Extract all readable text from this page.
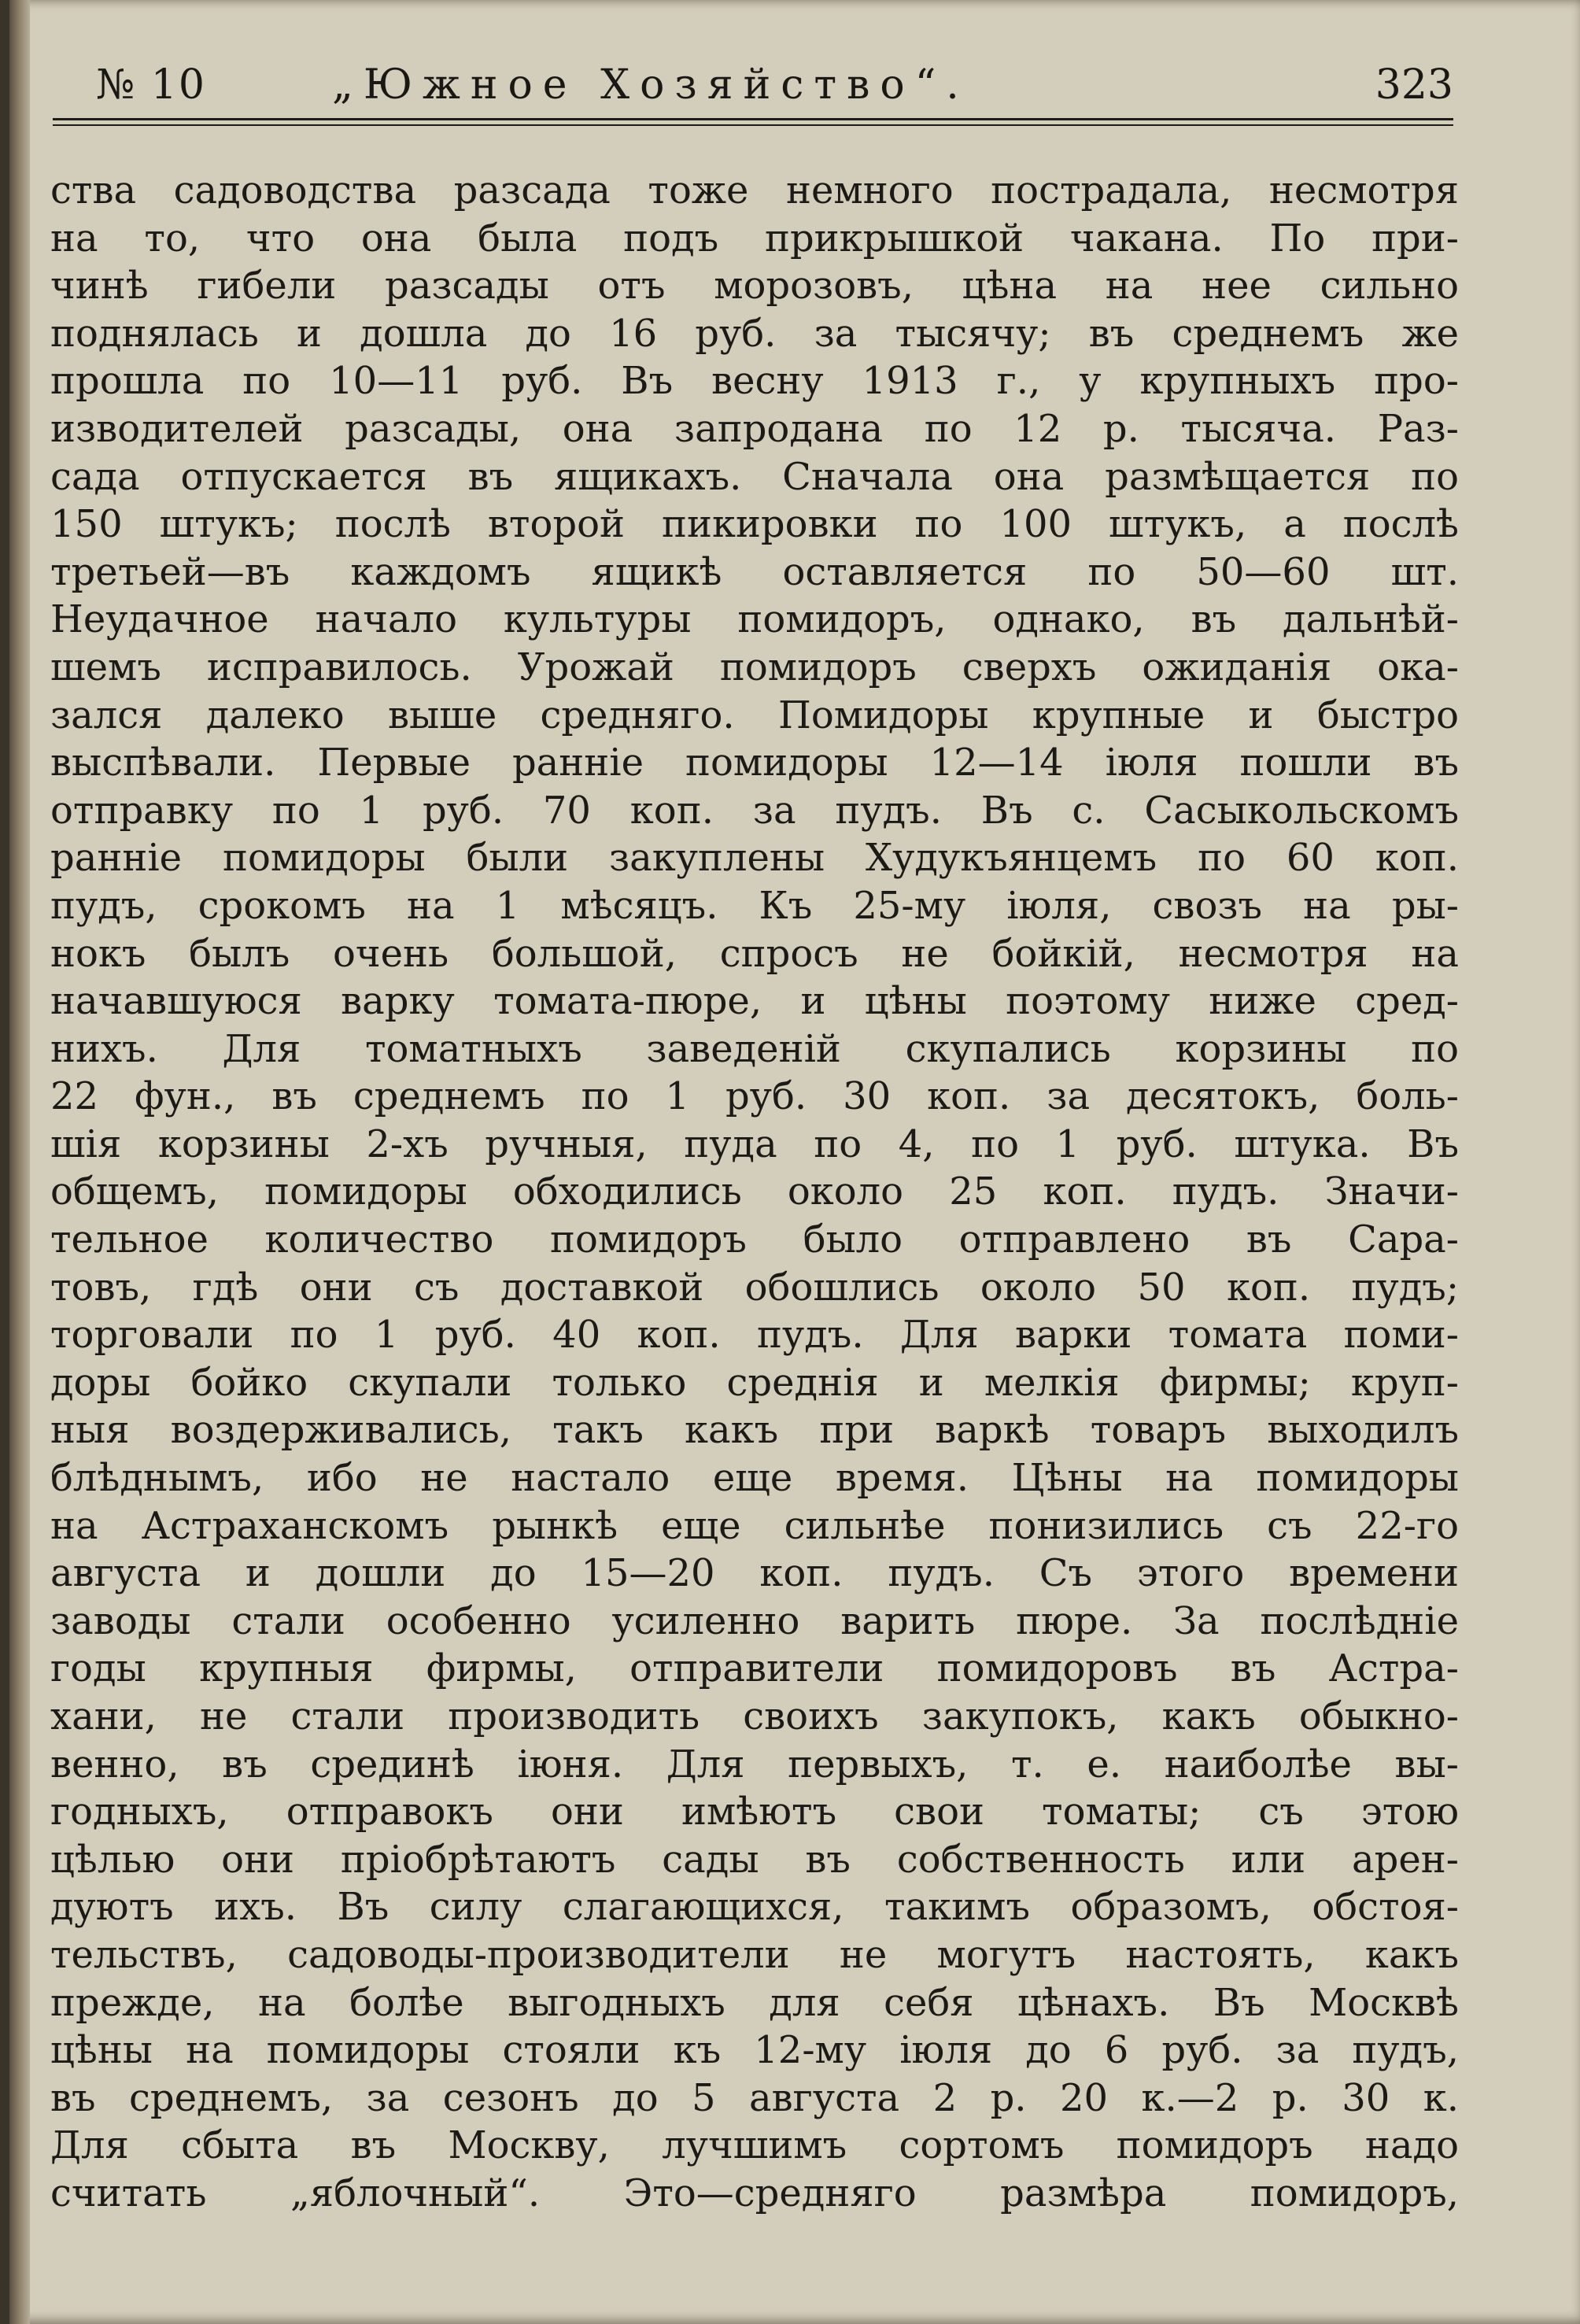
№ 10	„Южное Хозяйство“.	323
ства садоводства разсада тоже немного пострадала, несмотря
на то, что она была подъ прикрышкой чакана. По при-
чинѣ гибели разсады отъ морозовъ, цѣна на нее сильно
поднялась и дошла до 16 руб. за тысячу; въ среднемъ же
прошла по 10—11 руб. Въ весну 1913 г., у крупныхъ про-
изводителей разсады, она запродана по 12 р. тысяча. Раз-
сада отпускается въ ящикахъ. Сначала она размѣщается по
150 штукъ; послѣ второй пикировки по 100 штукъ, а послѣ
третьей—въ каждомъ ящикѣ оставляется по 50—60 шт.
Неудачное начало культуры помидоръ, однако, въ дальнѣй-
шемъ исправилось. Урожай помидоръ сверхъ ожиданія ока-
зался далеко выше средняго. Помидоры крупные и быстро
выспѣвали. Первые ранніе помидоры 12—14 іюля пошли въ
отправку по 1 руб. 70 коп. за пудъ. Въ с. Сасыкольскомъ
ранніе помидоры были закуплены Худукъянцемъ по 60 коп.
пудъ, срокомъ на 1 мѣсяцъ. Къ 25-му іюля, свозъ на ры-
нокъ былъ очень большой, спросъ не бойкій, несмотря на
начавшуюся варку томата-пюре, и цѣны поэтому ниже сред-
нихъ. Для томатныхъ заведеній скупались корзины по
22 фун., въ среднемъ по 1 руб. 30 коп. за десятокъ, боль-
шія корзины 2-хъ ручныя, пуда по 4, по 1 руб. штука. Въ
общемъ, помидоры обходились около 25 коп. пудъ. Значи-
тельное количество помидоръ было отправлено въ Сара-
товъ, гдѣ они съ доставкой обошлись около 50 коп. пудъ;
торговали по 1 руб. 40 коп. пудъ. Для варки томата поми-
доры бойко скупали только среднія и мелкія фирмы; круп-
ныя воздерживались, такъ какъ при варкѣ товаръ выходилъ
блѣднымъ, ибо не настало еще время. Цѣны на помидоры
на Астраханскомъ рынкѣ еще сильнѣе понизились съ 22-го
августа и дошли до 15—20 коп. пудъ. Съ этого времени
заводы стали особенно усиленно варить пюре. За послѣдніе
годы крупныя фирмы, отправители помидоровъ въ Астра-
хани, не стали производить своихъ закупокъ, какъ обыкно-
венно, въ срединѣ іюня. Для первыхъ, т. е. наиболѣе вы-
годныхъ, отправокъ они имѣютъ свои томаты; съ этою
цѣлью они пріобрѣтаютъ сады въ собственность или арен-
дуютъ ихъ. Въ силу слагающихся, такимъ образомъ, обстоя-
тельствъ, садоводы-производители не могутъ настоять, какъ
прежде, на болѣе выгодныхъ для себя цѣнахъ. Въ Москвѣ
цѣны на помидоры стояли къ 12-му іюля до 6 руб. за пудъ,
въ среднемъ, за сезонъ до 5 августа 2 р. 20 к.—2 р. 30 к.
Для сбыта въ Москву, лучшимъ сортомъ помидоръ надо
считать „яблочный“. Это—средняго размѣра помидоръ,
